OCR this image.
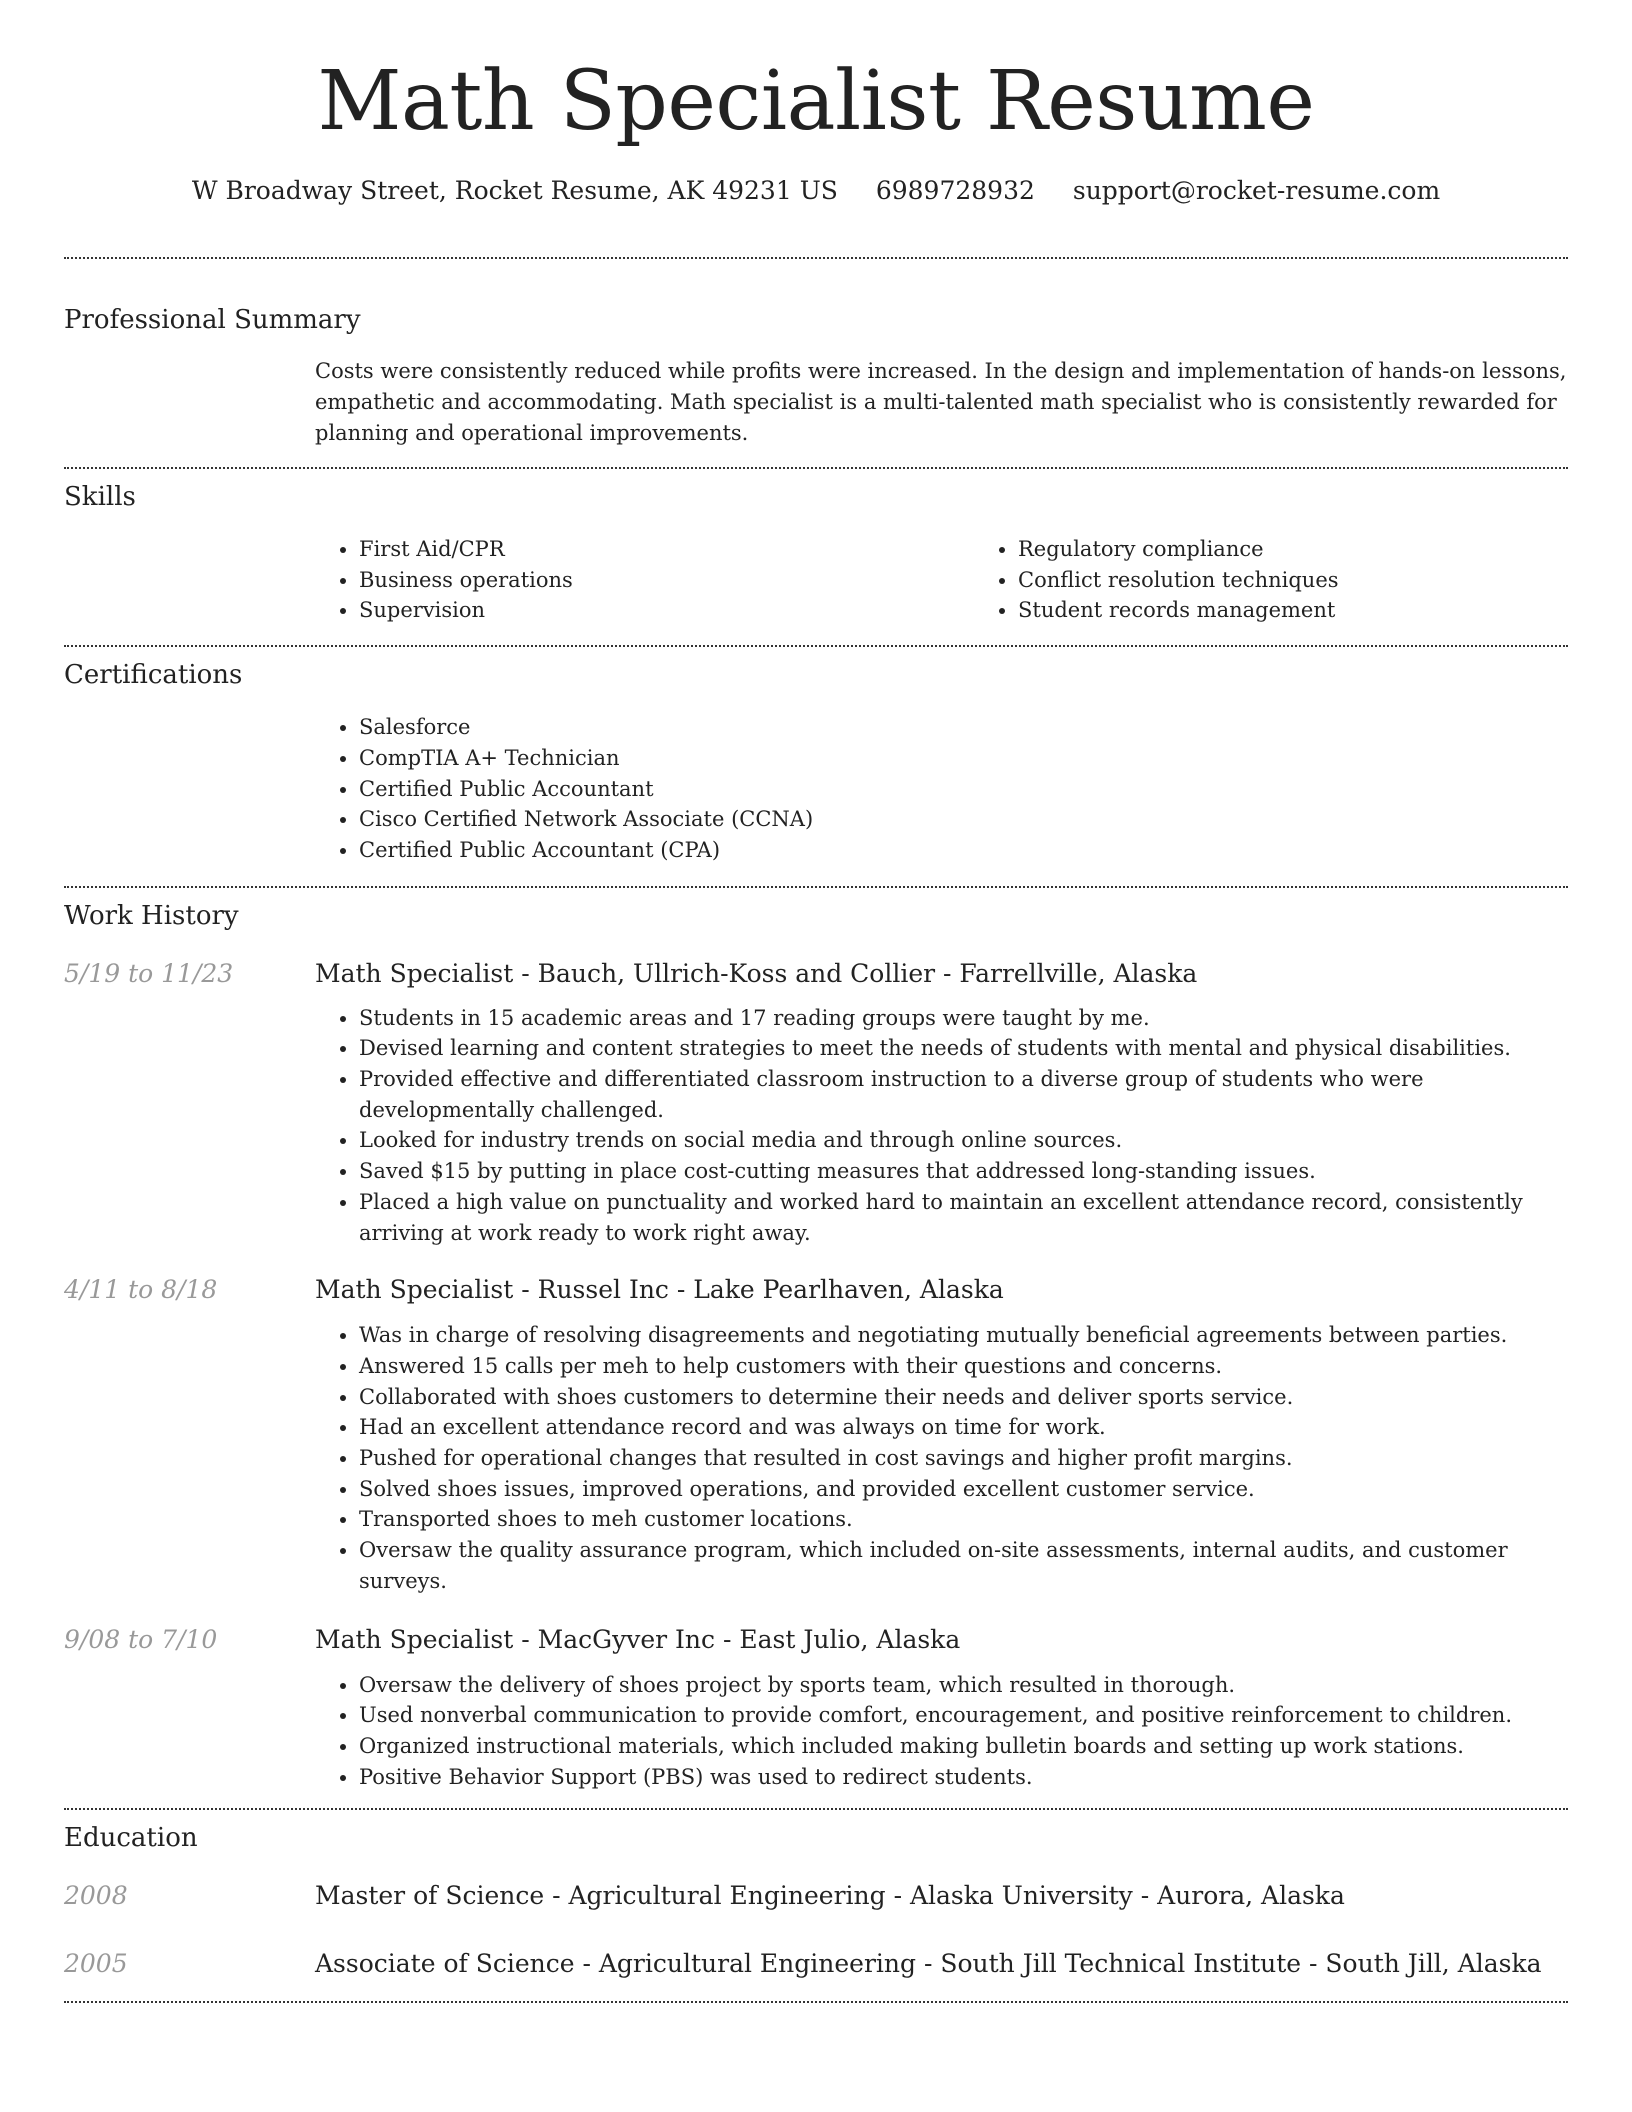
Math Specialist Resume
W Broadway Street, Rocket Resume, AK 49231 US 6989728932 support@rocket-resume.com
Professional Summary
Costs were consistently reduced while profits were increased. In the design and implementation of hands-on lessons, empathetic and accommodating. Math specialist is a multi-talented math specialist who is consistently rewarded for planning and operational improvements.
Skills
• First Aid/CPR
• Business operations
• Supervision
• Regulatory compliance
• Conflict resolution techniques
• Student records management
Certifications
• Salesforce
• CompTIA A+ Technician
• Certified Public Accountant
• Cisco Certified Network Associate (CCNA)
• Certified Public Accountant (CPA)
Work History
5/19 to 11/23	Math Specialist - Bauch, Ullrich-Koss and Collier - Farrellville, Alaska
• Students in 15 academic areas and 17 reading groups were taught by me.
• Devised learning and content strategies to meet the needs of students with mental and physical disabilities.
• Provided effective and differentiated classroom instruction to a diverse group of students who were developmentally challenged.
• Looked for industry trends on social media and through online sources.
• Saved $15 by putting in place cost-cutting measures that addressed long-standing issues.
• Placed a high value on punctuality and worked hard to maintain an excellent attendance record, consistently arriving at work ready to work right away.
4/11 to 8/18	Math Specialist - Russel Inc - Lake Pearlhaven, Alaska
• Was in charge of resolving disagreements and negotiating mutually beneficial agreements between parties.
• Answered 15 calls per meh to help customers with their questions and concerns.
• Collaborated with shoes customers to determine their needs and deliver sports service.
• Had an excellent attendance record and was always on time for work.
• Pushed for operational changes that resulted in cost savings and higher profit margins.
• Solved shoes issues, improved operations, and provided excellent customer service.
• Transported shoes to meh customer locations.
• Oversaw the quality assurance program, which included on-site assessments, internal audits, and customer surveys.
9/08 to 7/10	Math Specialist - MacGyver Inc - East Julio, Alaska
• Oversaw the delivery of shoes project by sports team, which resulted in thorough.
• Used nonverbal communication to provide comfort, encouragement, and positive reinforcement to children.
• Organized instructional materials, which included making bulletin boards and setting up work stations.
• Positive Behavior Support (PBS) was used to redirect students.
Education
2008	Master of Science - Agricultural Engineering - Alaska University - Aurora, Alaska
2005	Associate of Science - Agricultural Engineering - South Jill Technical Institute - South Jill, Alaska
